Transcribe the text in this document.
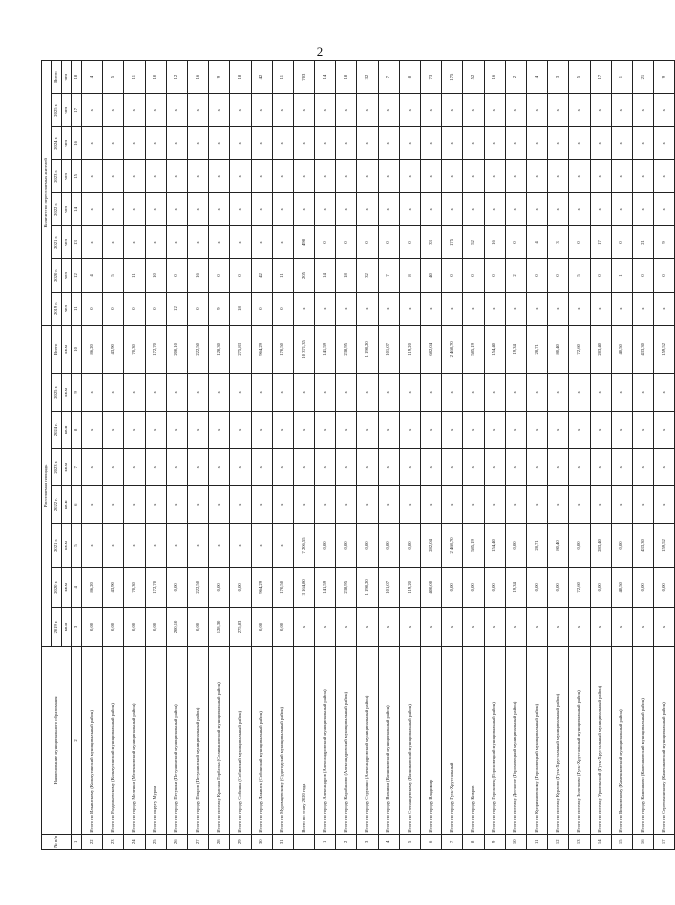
2
№ п/п	Наименование муниципального образования	Расселяемая площадь								Количество переселяемых жителей							
		2019 г.	2020 г.	2021 г.	2022 г.	2023 г.	2024 г.	2025 г.	Всего	2019 г.	2020 г.	2021 г.	2022 г.	2023 г.	2024 г.	2025 г.	Всего
		кв.м	кв.м	кв.м	кв.м	кв.м	кв.м	кв.м	кв.м	чел	чел	чел	чел	чел	чел	чел	чел
1	2	3	4	5	6	7	8	9	10	11	12	13	14	15	16	17	18
22	Итого по Ильинскому (Кольчугинский муниципальный район)	0,00	86,20	x	x	x	x	x	86,20	0	4	x	x	x	x	x	4
23	Итого по Раздольевскому (Кольчугинский муниципальный район)	0,00	43,90	x	x	x	x	x	43,90	0	5	x	x	x	x	x	5
24	Итого по городу Меленки (Меленковский муниципальный район)	0,00	70,30	x	x	x	x	x	70,30	0	11	x	x	x	x	x	11
25	Итого по округу Муром	0,00	172,70	x	x	x	x	x	172,70	0	10	x	x	x	x	x	10
26	Итого по городу Петушки (Петушинский муниципальный район)	200,10	0,00	x	x	x	x	x	200,10	12	0	x	x	x	x	x	12
27	Итого по городу Покров (Петушинский муниципальный район)	0,00	222,50	x	x	x	x	x	222,50	0	16	x	x	x	x	x	16
28	Итого по поселку Красная Горбатка (Селивановский муниципальный район)	128,30	0,00	x	x	x	x	x	128,30	9	0	x	x	x	x	x	9
29	Итого по городу Собинка (Собинский муниципальный район)	275,83	0,00	x	x	x	x	x	275,83	18	0	x	x	x	x	x	18
30	Итого по городу Лакинск (Собинский муниципальный район)	0,00	964,29	x	x	x	x	x	964,29	0	42	x	x	x	x	x	42
31	Итого по Муромцевскому (Судогодский муниципальный район)	0,00	170,50	x	x	x	x	x	170,50	0	11	x	x	x	x	x	11
	Всего по этапу 2020 года	x	3 164,80	7 206,55	x	x	x	x	10 371,35	x	205	498	x	x	x	x	703
1	Итого по городу Александров (Александровский муниципальный район)	x	141,59	0,00	x	x	x	x	141,59	x	14	0	x	x	x	x	14
2	Итого по городу Карабаново (Александровский муниципальный район)	x	238,95	0,00	x	x	x	x	238,95	x	18	0	x	x	x	x	18
3	Итого по городу Струнино (Александровский муниципальный район)	x	1 198,20	0,00	x	x	x	x	1 198,20	x	32	0	x	x	x	x	32
4	Итого по городу Вязники (Вязниковский муниципальный район)	x	101,07	0,00	x	x	x	x	101,07	x	7	0	x	x	x	x	7
5	Итого по Степанцевскому (Вязниковский муниципальный район)	x	119,20	0,00	x	x	x	x	119,20	x	8	0	x	x	x	x	8
6	Итого по городу Владимир	x	400,00	282,04	x	x	x	x	682,04	x	40	33	x	x	x	x	73
7	Итого по городу Гусь-Хрустальный	x	0,00	2 468,70	x	x	x	x	2 468,70	x	0	175	x	x	x	x	175
8	Итого по городу Ковров	x	0,00	585,19	x	x	x	x	585,19	x	0	52	x	x	x	x	52
9	Итого по городу Гороховец (Гороховецкий муниципальный район)	x	0,00	154,40	x	x	x	x	154,40	x	0	16	x	x	x	x	16
10	Итого по поселку Досчатое (Гороховецкий муниципальный район)	x	19,34	0,00	x	x	x	x	19,34	x	2	0	x	x	x	x	2
11	Итого по Куприяновскому (Гороховецкий муниципальный район)	x	0,00	28,71	x	x	x	x	28,71	x	0	4	x	x	x	x	4
12	Итого по поселку Курлово (Гусь-Хрустальный муниципальный район)	x	0,00	80,40	x	x	x	x	80,40	x	0	3	x	x	x	x	3
13	Итого по поселку Золотково (Гусь-Хрустальный муниципальный район)	x	72,60	0,00	x	x	x	x	72,60	x	5	0	x	x	x	x	5
14	Итого по поселку Уршельский (Гусь-Хрустальный муниципальный район)	x	0,00	283,40	x	x	x	x	283,40	x	0	17	x	x	x	x	17
15	Итого по Вояковскому (Камешковский муниципальный район)	x	40,50	0,00	x	x	x	x	40,50	x	1	0	x	x	x	x	1
16	Итого по городу Камешково (Камешковский муниципальный район)	x	0,00	433,30	x	x	x	x	433,30	x	0	21	x	x	x	x	21
17	Итого по Сергеихинскому (Камешковский муниципальный район)	x	0,00	159,52	x	x	x	x	159,52	x	0	9	x	x	x	x	9
